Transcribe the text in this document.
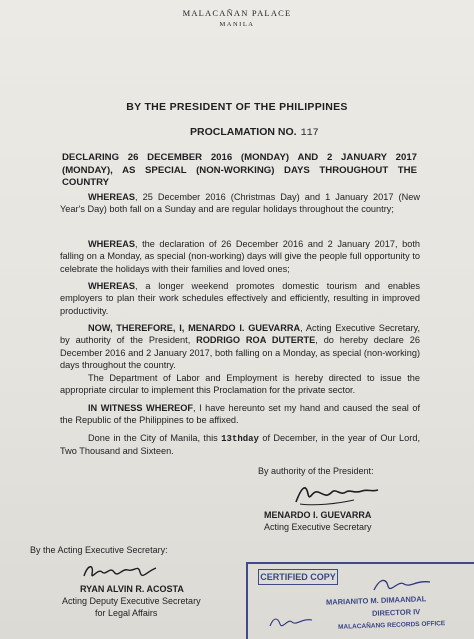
MALACAÑAN PALACE
MANILA
BY THE PRESIDENT OF THE PHILIPPINES
PROCLAMATION NO. 117
DECLARING 26 DECEMBER 2016 (MONDAY) AND 2 JANUARY 2017 (MONDAY), AS SPECIAL (NON-WORKING) DAYS THROUGHOUT THE COUNTRY
WHEREAS, 25 December 2016 (Christmas Day) and 1 January 2017 (New Year's Day) both fall on a Sunday and are regular holidays throughout the country;
WHEREAS, the declaration of 26 December 2016 and 2 January 2017, both falling on a Monday, as special (non-working) days will give the people full opportunity to celebrate the holidays with their families and loved ones;
WHEREAS, a longer weekend promotes domestic tourism and enables employers to plan their work schedules effectively and efficiently, resulting in improved productivity.
NOW, THEREFORE, I, MENARDO I. GUEVARRA, Acting Executive Secretary, by authority of the President, RODRIGO ROA DUTERTE, do hereby declare 26 December 2016 and 2 January 2017, both falling on a Monday, as special (non-working) days throughout the country.
The Department of Labor and Employment is hereby directed to issue the appropriate circular to implement this Proclamation for the private sector.
IN WITNESS WHEREOF, I have hereunto set my hand and caused the seal of the Republic of the Philippines to be affixed.
Done in the City of Manila, this 13thday of December, in the year of Our Lord, Two Thousand and Sixteen.
By authority of the President:
MENARDO I. GUEVARRA
Acting Executive Secretary
By the Acting Executive Secretary:
RYAN ALVIN R. ACOSTA
Acting Deputy Executive Secretary
for Legal Affairs
CERTIFIED COPY
MARIANITO M. DIMAANDAL
DIRECTOR IV
MALACAÑANG RECORDS OFFICE
